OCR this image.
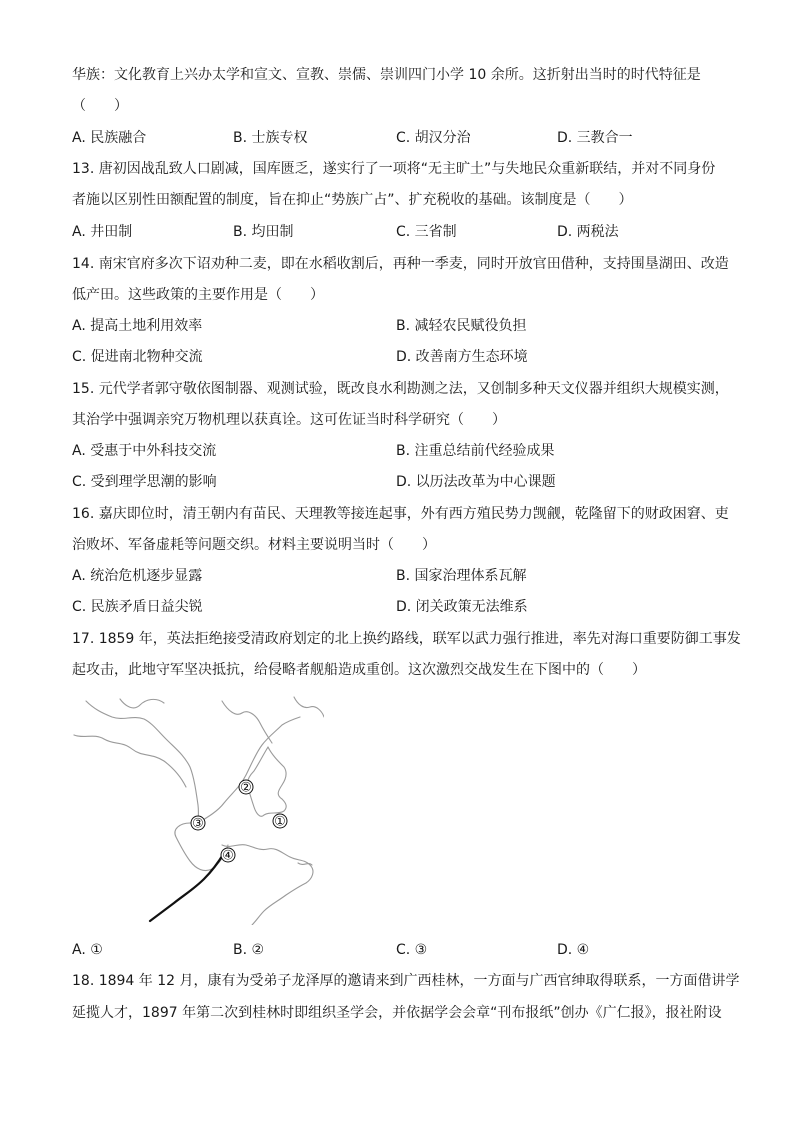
华族：文化教育上兴办太学和宣文、宣教、崇儒、崇训四门小学 10 余所。这折射出当时的时代特征是
（　　）
A. 民族融合	B. 士族专权	C. 胡汉分治	D. 三教合一
13. 唐初因战乱致人口剧减，国库匮乏，遂实行了一项将“无主旷土”与失地民众重新联结，并对不同身份
者施以区别性田额配置的制度，旨在抑止“势族广占”、扩充税收的基础。该制度是（　　）
A. 井田制	B. 均田制	C. 三省制	D. 两税法
14. 南宋官府多次下诏劝种二麦，即在水稻收割后，再种一季麦，同时开放官田借种，支持围垦湖田、改造
低产田。这些政策的主要作用是（　　）
A. 提高土地利用效率	B. 减轻农民赋役负担
C. 促进南北物种交流	D. 改善南方生态环境
15. 元代学者郭守敬依图制器、观测试验，既改良水利勘测之法，又创制多种天文仪器并组织大规模实测，
其治学中强调亲究万物机理以获真诠。这可佐证当时科学研究（　　）
A. 受惠于中外科技交流	B. 注重总结前代经验成果
C. 受到理学思潮的影响	D. 以历法改革为中心课题
16. 嘉庆即位时，清王朝内有苗民、天理教等接连起事，外有西方殖民势力觊觎，乾隆留下的财政困窘、吏
治败坏、军备虚耗等问题交织。材料主要说明当时（　　）
A. 统治危机逐步显露	B. 国家治理体系瓦解
C. 民族矛盾日益尖锐	D. 闭关政策无法维系
17. 1859 年，英法拒绝接受清政府划定的北上换约路线，联军以武力强行推进，率先对海口重要防御工事发
起攻击，此地守军坚决抵抗，给侵略者舰船造成重创。这次激烈交战发生在下图中的（　　）
①
②
③
④
A. ①	B. ②	C. ③	D. ④
18. 1894 年 12 月，康有为受弟子龙泽厚的邀请来到广西桂林，一方面与广西官绅取得联系，一方面借讲学
延揽人才，1897 年第二次到桂林时即组织圣学会，并依据学会会章“刊布报纸”创办《广仁报》，报社附设
